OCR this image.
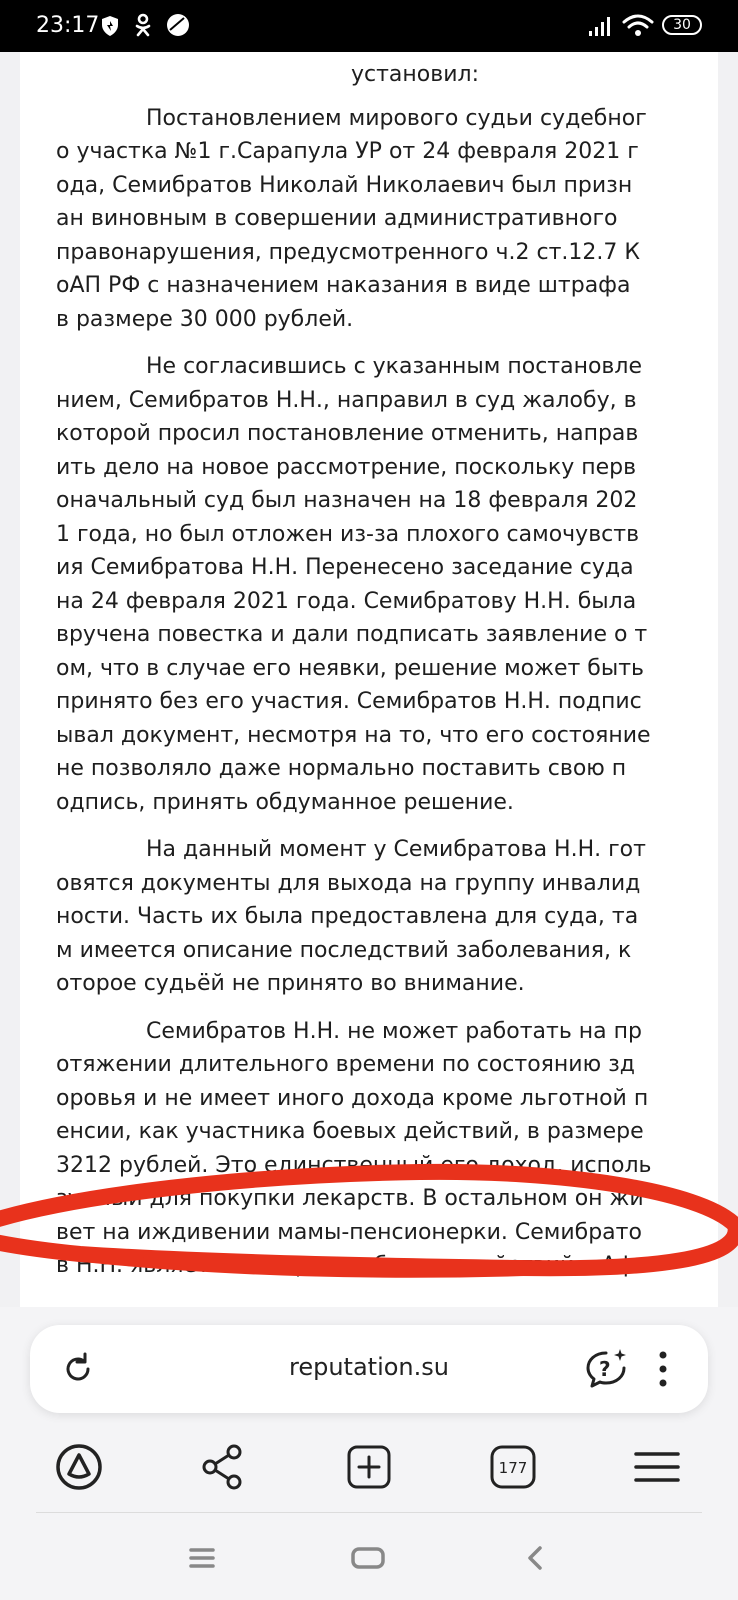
23:17	30
установил:
Постановлением мирового судьи судебног
о участка №1 г.Сарапула УР от 24 февраля 2021 г
ода, Семибратов Николай Николаевич был призн
ан виновным в совершении административного
правонарушения, предусмотренного ч.2 ст.12.7 К
оАП РФ с назначением наказания в виде штрафа
в размере 30 000 рублей.
Не согласившись с указанным постановле
нием, Семибратов Н.Н., направил в суд жалобу, в
которой просил постановление отменить, направ
ить дело на новое рассмотрение, поскольку перв
оначальный суд был назначен на 18 февраля 202
1 года, но был отложен из-за плохого самочувств
ия Семибратова Н.Н. Перенесено заседание суда
на 24 февраля 2021 года. Семибратову Н.Н. была
вручена повестка и дали подписать заявление о т
ом, что в случае его неявки, решение может быть
принято без его участия. Семибратов Н.Н. подпис
ывал документ, несмотря на то, что его состояние
не позволяло даже нормально поставить свою п
одпись, принять обдуманное решение.
На данный момент у Семибратова Н.Н. гот
овятся документы для выхода на группу инвалид
ности. Часть их была предоставлена для суда, та
м имеется описание последствий заболевания, к
оторое судьёй не принято во внимание.
Семибратов Н.Н. не может работать на пр
отяжении длительного времени по состоянию зд
оровья и не имеет иного дохода кроме льготной п
енсии, как участника боевых действий, в размере
3212 рублей. Это единственный его доход, исполь
зуемый для покупки лекарств. В остальном он жи
вет на иждивении мамы-пенсионерки. Семибрато
в Н.Н. является ветераном боевых действий в Аф
reputation.su	?
177
